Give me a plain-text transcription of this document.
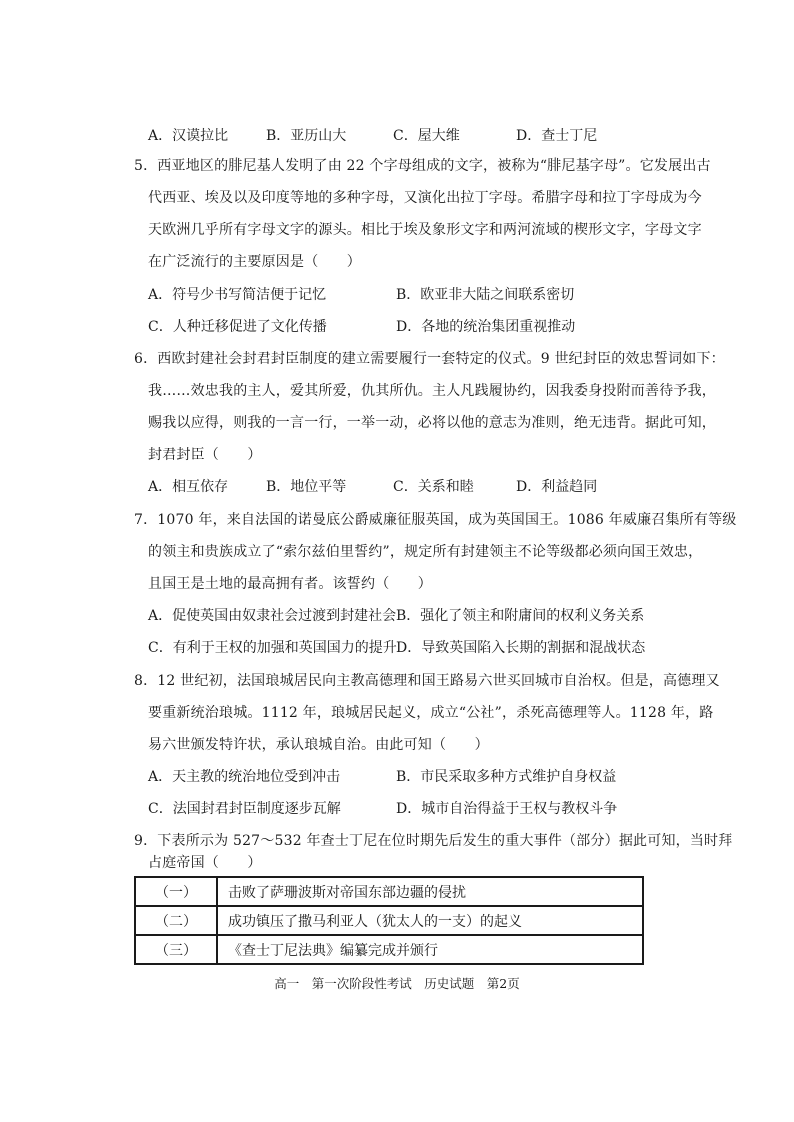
A．汉谟拉比	B．亚历山大	C．屋大维	D．查士丁尼
5．西亚地区的腓尼基人发明了由 22 个字母组成的文字，被称为“腓尼基字母”。它发展出古
代西亚、埃及以及印度等地的多种字母，又演化出拉丁字母。希腊字母和拉丁字母成为今
天欧洲几乎所有字母文字的源头。相比于埃及象形文字和两河流域的楔形文字，字母文字
在广泛流行的主要原因是（　　）
A．符号少书写简洁便于记忆	B．欧亚非大陆之间联系密切
C．人种迁移促进了文化传播	D．各地的统治集团重视推动
6．西欧封建社会封君封臣制度的建立需要履行一套特定的仪式。9 世纪封臣的效忠誓词如下：
我……效忠我的主人，爱其所爱，仇其所仇。主人凡践履协约，因我委身投附而善待予我，
赐我以应得，则我的一言一行，一举一动，必将以他的意志为准则，绝无违背。据此可知，
封君封臣（　　）
A．相互依存	B．地位平等	C．关系和睦	D．利益趋同
7．1070 年，来自法国的诺曼底公爵威廉征服英国，成为英国国王。1086 年威廉召集所有等级
的领主和贵族成立了“索尔兹伯里誓约”，规定所有封建领主不论等级都必须向国王效忠，
且国王是土地的最高拥有者。该誓约（　　）
A．促使英国由奴隶社会过渡到封建社会 B．强化了领主和附庸间的权利义务关系
C．有利于王权的加强和英国国力的提升 D．导致英国陷入长期的割据和混战状态
8．12 世纪初，法国琅城居民向主教高德理和国王路易六世买回城市自治权。但是，高德理又
要重新统治琅城。1112 年，琅城居民起义，成立“公社”，杀死高德理等人。1128 年，路
易六世颁发特许状，承认琅城自治。由此可知（　　）
A．天主教的统治地位受到冲击	B．市民采取多种方式维护自身权益
C．法国封君封臣制度逐步瓦解	D．城市自治得益于王权与教权斗争
9．下表所示为 527～532 年查士丁尼在位时期先后发生的重大事件（部分）据此可知，当时拜
占庭帝国（　　）
（一）	击败了萨珊波斯对帝国东部边疆的侵扰
（二）	成功镇压了撒马利亚人（犹太人的一支）的起义
（三）	《查士丁尼法典》编纂完成并颁行
高一　第一次阶段性考试　历史试题　第2页
